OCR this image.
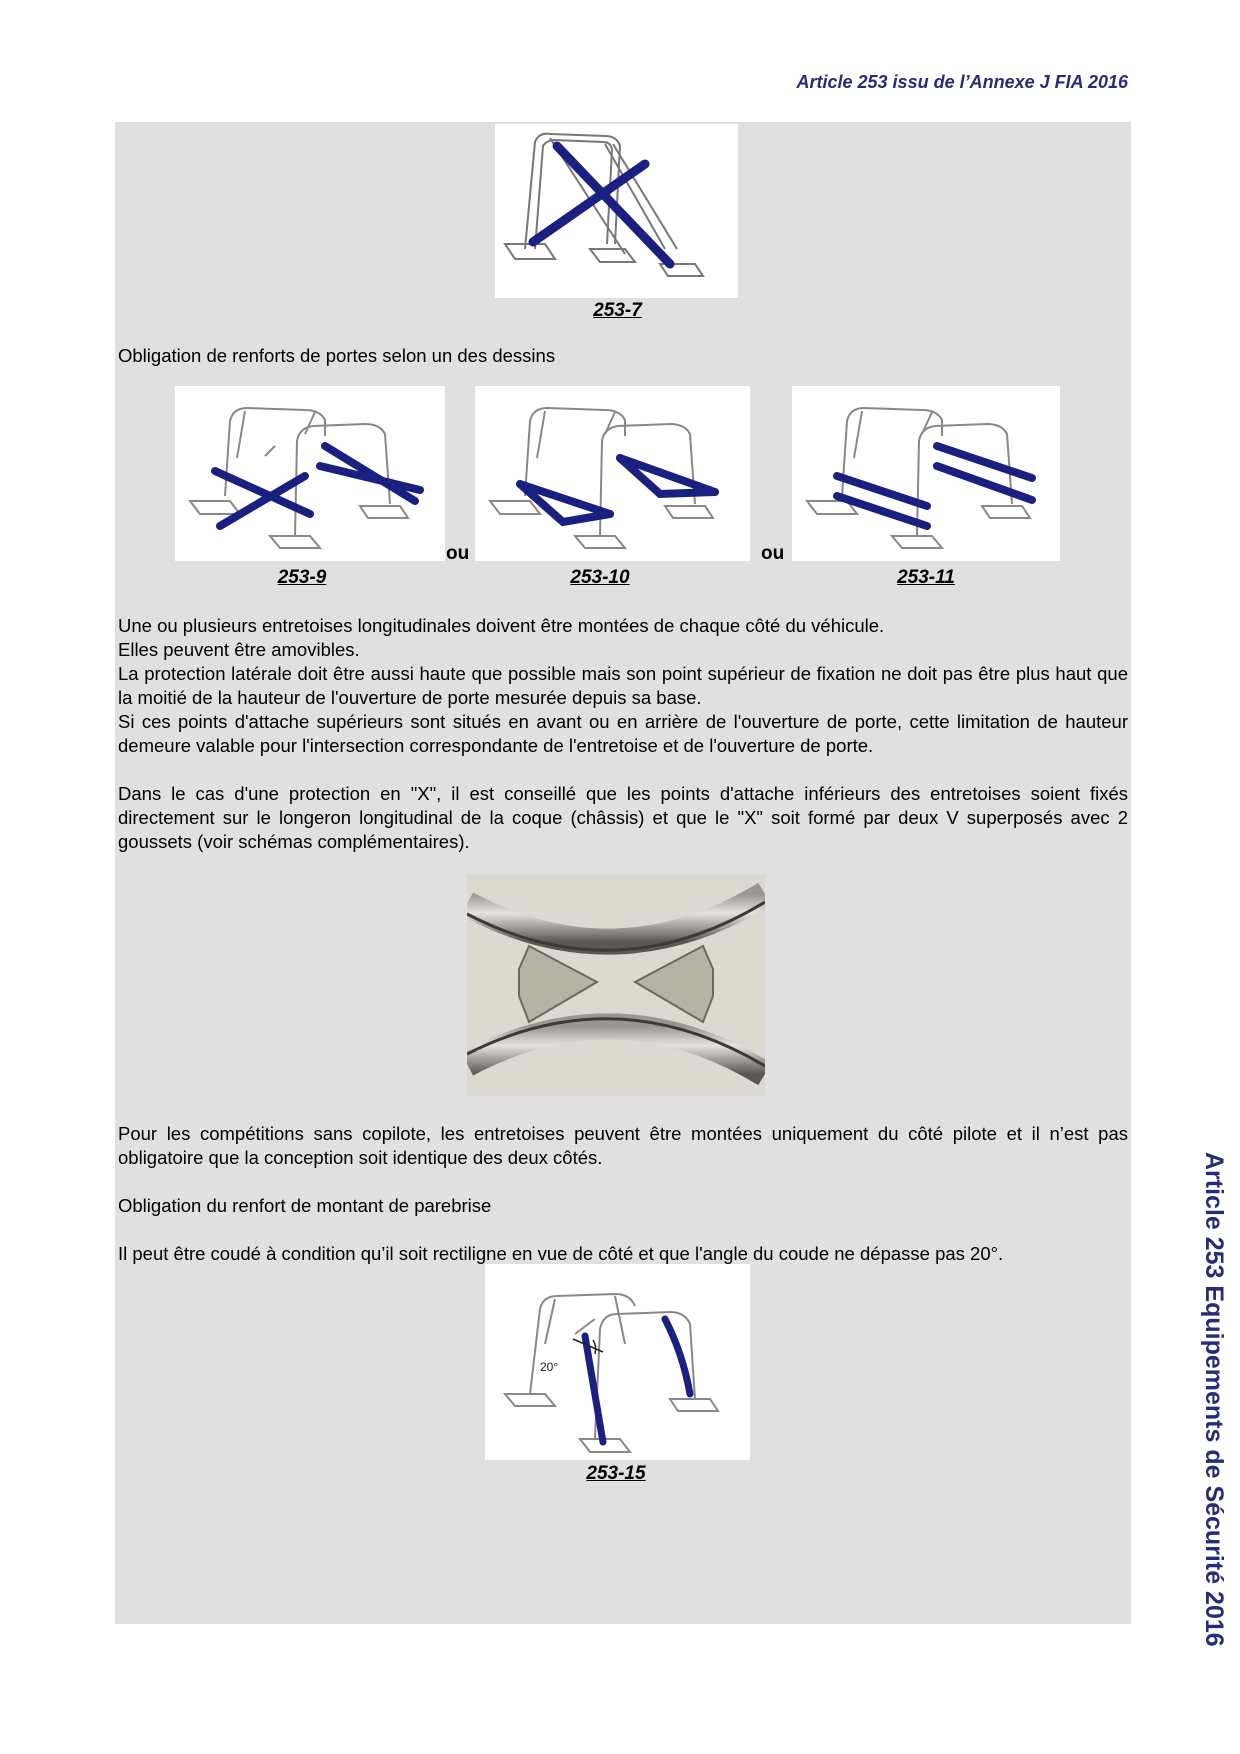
Article 253 issu de l’Annexe J FIA 2016
253-7
Obligation de renforts de portes selon un des dessins
ou	ou
253-9	253-10	253-11

Une ou plusieurs entretoises longitudinales doivent être montées de chaque côté du véhicule.

Elles peuvent être amovibles.

La protection latérale doit être aussi haute que possible mais son point supérieur de fixation ne doit pas être plus haut que la moitié de la hauteur de l'ouverture de porte mesurée depuis sa base.

Si ces points d'attache supérieurs sont situés en avant ou en arrière de l'ouverture de porte, cette limitation de hauteur demeure valable pour l'intersection correspondante de l'entretoise et de l'ouverture de porte.

Dans le cas d'une protection en "X", il est conseillé que les points d'attache inférieurs des entretoises soient fixés directement sur le longeron longitudinal de la coque (châssis) et que le "X" soit formé par deux V superposés avec 2 goussets (voir schémas complémentaires).
Pour les compétitions sans copilote, les entretoises peuvent être montées uniquement du côté pilote et il n’est pas obligatoire que la conception soit identique des deux côtés.
Obligation du renfort de montant de parebrise
Il peut être coudé à condition qu’il soit rectiligne en vue de côté et que l'angle du coude ne dépasse pas 20°.
20°
253-15	Article 253 Equipements de Sécurité 2016
